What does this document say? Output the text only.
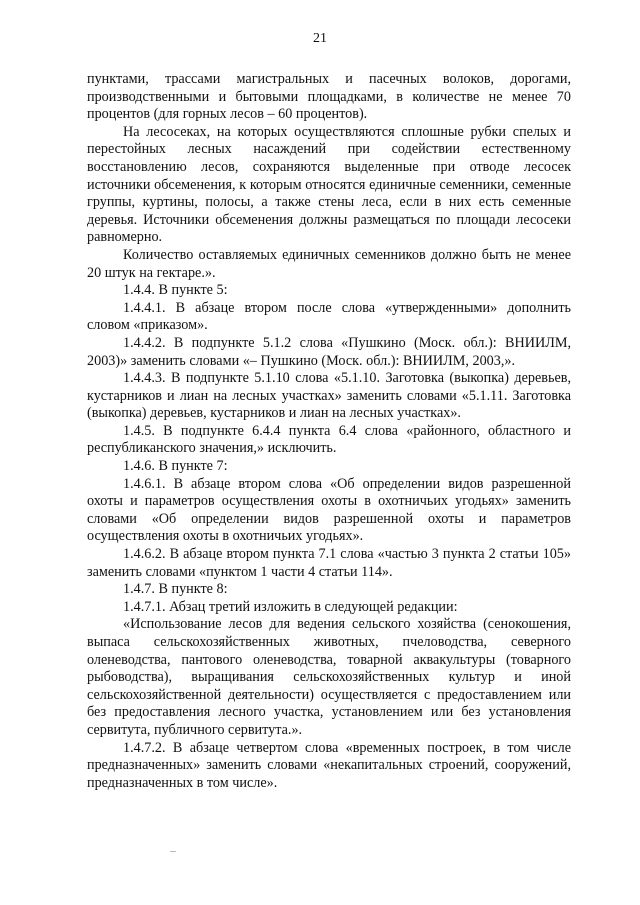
21

пунктами, трассами магистральных и пасечных волоков, дорогами, производственными и бытовыми площадками, в количестве не менее 70 процентов (для горных лесов – 60 процентов).

На лесосеках, на которых осуществляются сплошные рубки спелых и перестойных лесных насаждений при содействии естественному восстановлению лесов, сохраняются выделенные при отводе лесосек источники обсеменения, к которым относятся единичные семенники, семенные группы, куртины, полосы, а также стены леса, если в них есть семенные деревья. Источники обсеменения должны размещаться по площади лесосеки равномерно.

Количество оставляемых единичных семенников должно быть не менее 20 штук на гектаре.».

1.4.4. В пункте 5:

1.4.4.1. В абзаце втором после слова «утвержденными» дополнить словом «приказом».

1.4.4.2. В подпункте 5.1.2 слова «Пушкино (Моск. обл.): ВНИИЛМ, 2003)» заменить словами «– Пушкино (Моск. обл.): ВНИИЛМ, 2003,».

1.4.4.3. В подпункте 5.1.10 слова «5.1.10. Заготовка (выкопка) деревьев, кустарников и лиан на лесных участках» заменить словами «5.1.11. Заготовка (выкопка) деревьев, кустарников и лиан на лесных участках».

1.4.5. В подпункте 6.4.4 пункта 6.4 слова «районного, областного и республиканского значения,» исключить.

1.4.6. В пункте 7:

1.4.6.1. В абзаце втором слова «Об определении видов разрешенной охоты и параметров осуществления охоты в охотничьих угодьях» заменить словами «Об определении видов разрешенной охоты и параметров осуществления охоты в охотничьих угодьях».

1.4.6.2. В абзаце втором пункта 7.1 слова «частью 3 пункта 2 статьи 105» заменить словами «пунктом 1 части 4 статьи 114».

1.4.7. В пункте 8:

1.4.7.1. Абзац третий изложить в следующей редакции:

«Использование лесов для ведения сельского хозяйства (сенокошения, выпаса сельскохозяйственных животных, пчеловодства, северного оленеводства, пантового оленеводства, товарной аквакультуры (товарного рыбоводства), выращивания сельскохозяйственных культур и иной сельскохозяйственной деятельности) осуществляется с предоставлением или без предоставления лесного участка, установлением или без установления сервитута, публичного сервитута.».

1.4.7.2. В абзаце четвертом слова «временных построек, в том числе предназначенных» заменить словами «некапитальных строений, сооружений, предназначенных в том числе».
